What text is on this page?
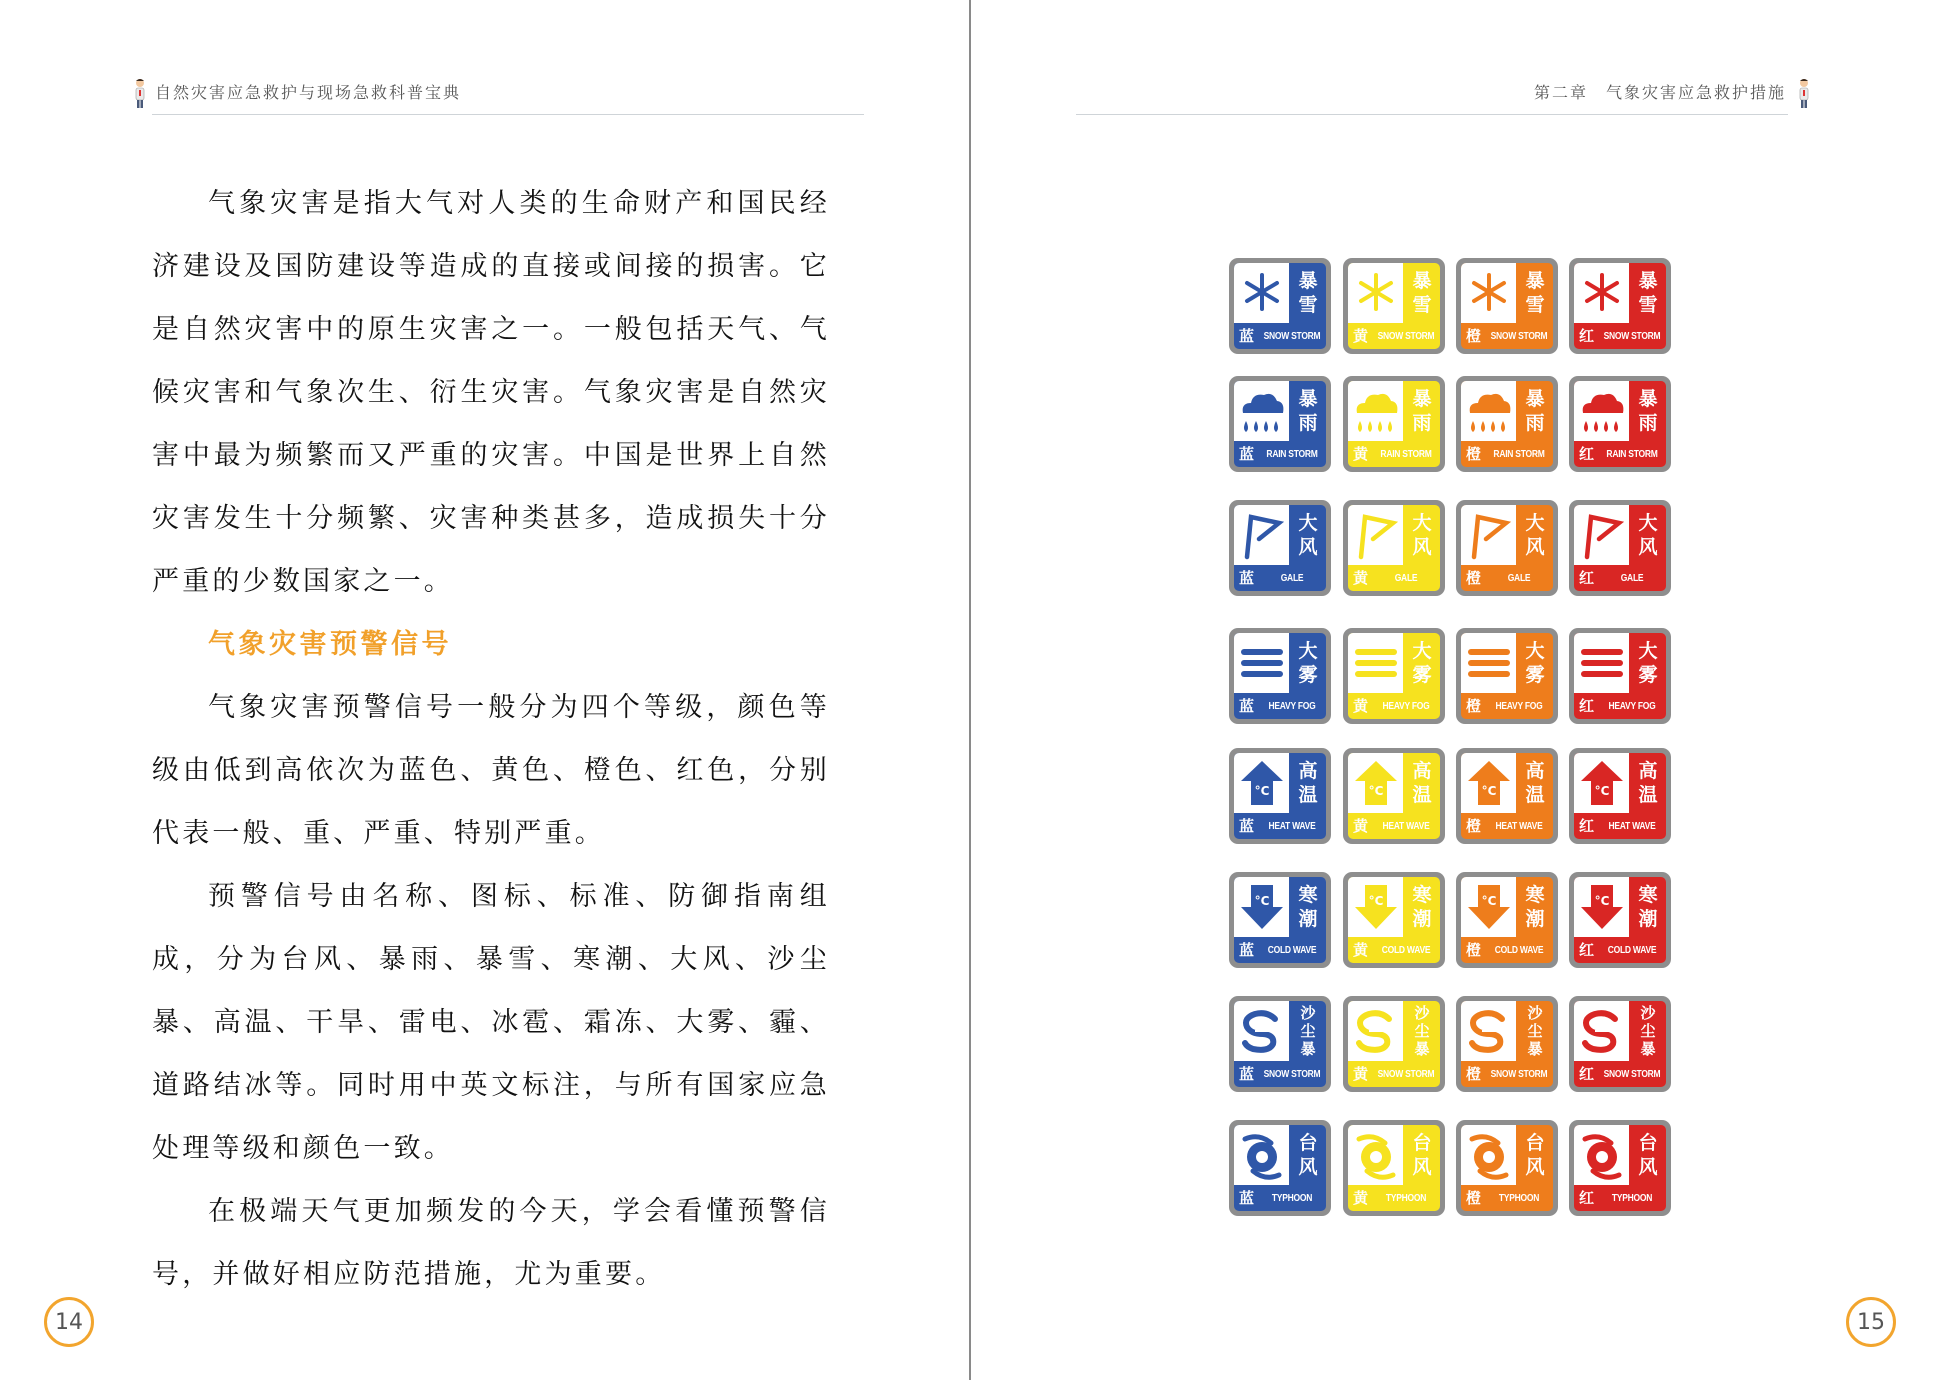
自然灾害应急救护与现场急救科普宝典

气象灾害是指大气对人类的生命财产和国民经济建设及国防建设等造成的直接或间接的损害。它是自然灾害中的原生灾害之一。一般包括天气、气候灾害和气象次生、衍生灾害。气象灾害是自然灾害中最为频繁而又严重的灾害。中国是世界上自然灾害发生十分频繁、灾害种类甚多，造成损失十分严重的少数国家之一。

气象灾害预警信号

气象灾害预警信号一般分为四个等级，颜色等级由低到高依次为蓝色、黄色、橙色、红色，分别代表一般、重、严重、特别严重。

预警信号由名称、图标、标准、防御指南组成，分为台风、暴雨、暴雪、寒潮、大风、沙尘暴、高温、干旱、雷电、冰雹、霜冻、大雾、霾、道路结冰等。同时用中英文标注，与所有国家应急处理等级和颜色一致。

在极端天气更加频发的今天，学会看懂预警信号，并做好相应防范措施，尤为重要。

14
第二章　气象灾害应急救护措施
暴
雪
蓝 SNOW STORM
暴
雪
黄 SNOW STORM
暴
雪
橙 SNOW STORM
暴
雪
红 SNOW STORM
暴
雨
蓝	RAIN STORM
暴
雨
黄	RAIN STORM
暴
雨
橙	RAIN STORM
暴
雨
红	RAIN STORM
大
风
蓝	GALE
大
风
黄	GALE
大
风
橙	GALE
大
风
红	GALE
大
雾
蓝	HEAVY FOG
大
雾
黄	HEAVY FOG
大
雾
橙	HEAVY FOG
大
雾
红	HEAVY FOG
°C
高
温
蓝	HEAT WAVE
°C
高
温
黄	HEAT WAVE
°C
高
温
橙	HEAT WAVE
°C
高
温
红	HEAT WAVE
°C	寒
潮
蓝	COLD WAVE
°C	寒
潮
黄	COLD WAVE
°C	寒
潮
橙	COLD WAVE
°C	寒
潮
红	COLD WAVE
沙
尘
暴
蓝 SNOW STORM
沙
尘
暴
黄 SNOW STORM
沙
尘
暴
橙 SNOW STORM
沙
尘
暴
红 SNOW STORM
台
风
蓝	TYPHOON
台
风
黄	TYPHOON
台
风
橙	TYPHOON
台
风
红	TYPHOON
15
